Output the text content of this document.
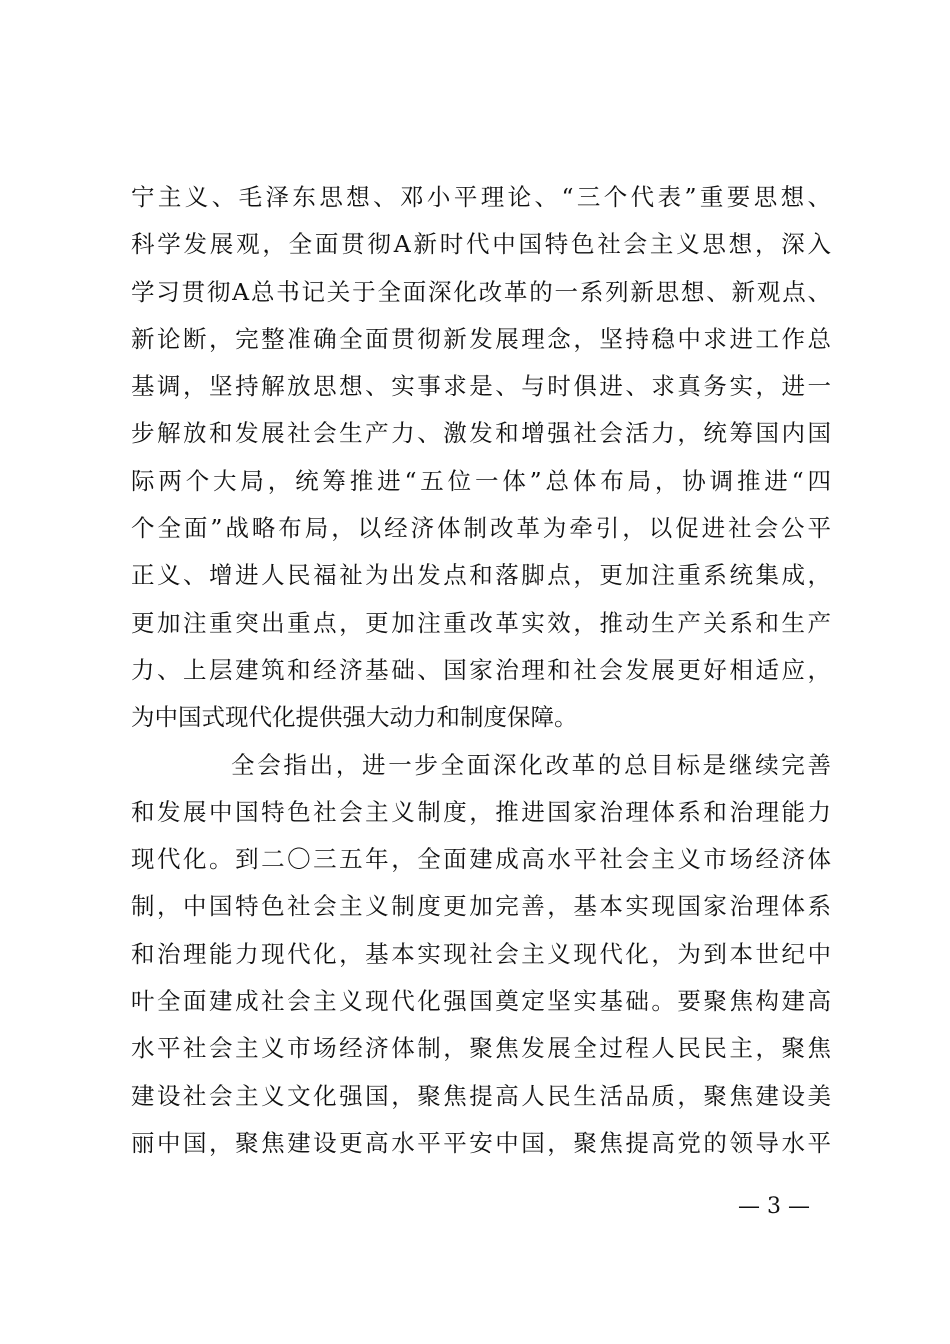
宁主义、毛泽东思想、邓小平理论、“三个代表”重要思想、
科学发展观，全面贯彻A新时代中国特色社会主义思想，深入
学习贯彻A总书记关于全面深化改革的一系列新思想、新观点、
新论断，完整准确全面贯彻新发展理念，坚持稳中求进工作总
基调，坚持解放思想、实事求是、与时俱进、求真务实，进一
步解放和发展社会生产力、激发和增强社会活力，统筹国内国
际两个大局，统筹推进“五位一体”总体布局，协调推进“四
个全面”战略布局，以经济体制改革为牵引，以促进社会公平
正义、增进人民福祉为出发点和落脚点，更加注重系统集成，
更加注重突出重点，更加注重改革实效，推动生产关系和生产
力、上层建筑和经济基础、国家治理和社会发展更好相适应，
为中国式现代化提供强大动力和制度保障。
全会指出，进一步全面深化改革的总目标是继续完善
和发展中国特色社会主义制度，推进国家治理体系和治理能力
现代化。到二〇三五年，全面建成高水平社会主义市场经济体
制，中国特色社会主义制度更加完善，基本实现国家治理体系
和治理能力现代化，基本实现社会主义现代化，为到本世纪中
叶全面建成社会主义现代化强国奠定坚实基础。要聚焦构建高
水平社会主义市场经济体制，聚焦发展全过程人民民主，聚焦
建设社会主义文化强国，聚焦提高人民生活品质，聚焦建设美
丽中国，聚焦建设更高水平平安中国，聚焦提高党的领导水平
— 3 —
